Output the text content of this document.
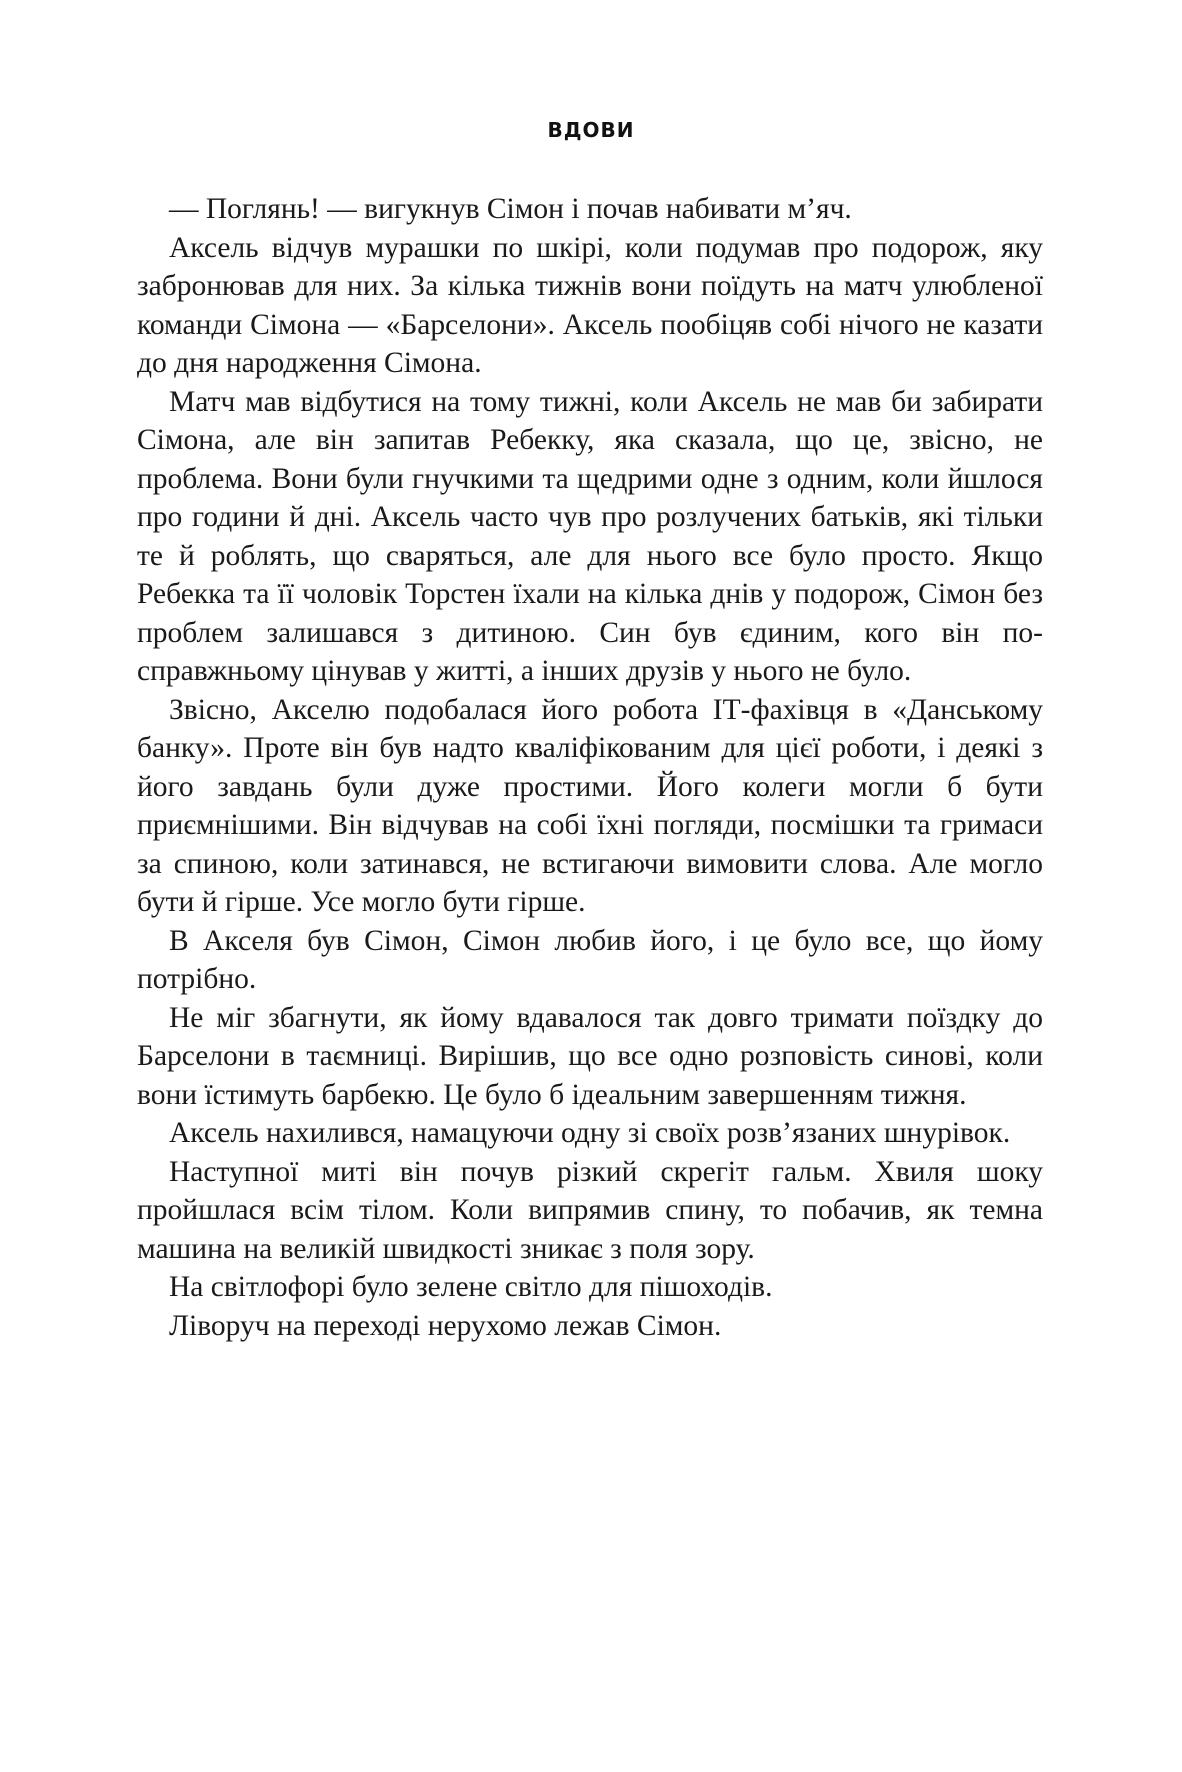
ВДОВИ

— Поглянь! — вигукнув Сімон і почав набивати м’яч.

Аксель відчув мурашки по шкірі, коли подумав про подорож, яку забронював для них. За кілька тижнів вони поїдуть на матч улюбленої команди Сімона — «Барселони». Аксель пообіцяв собі нічого не казати до дня народження Сімона.

Матч мав відбутися на тому тижні, коли Аксель не мав би забирати Сімона, але він запитав Ребекку, яка сказала, що це, звісно, не проблема. Вони були гнучкими та щедрими одне з одним, коли йшлося про години й дні. Аксель часто чув про розлучених батьків, які тільки те й роблять, що сваряться, але для нього все було просто. Якщо Ребекка та її чоловік Торстен їхали на кілька днів у подорож, Сімон без проблем залишався з дитиною. Син був єдиним, кого він по-справжньому цінував у житті, а інших друзів у нього не було.

Звісно, Акселю подобалася його робота ІТ-фахівця в «Данському банку». Проте він був надто кваліфікованим для цієї роботи, і деякі з його завдань були дуже простими. Його колеги могли б бути приємнішими. Він відчував на собі їхні погляди, посмішки та гримаси за спиною, коли затинався, не встигаючи вимовити слова. Але могло бути й гірше. Усе могло бути гірше.

В Акселя був Сімон, Сімон любив його, і це було все, що йому потрібно.

Не міг збагнути, як йому вдавалося так довго тримати поїздку до Барселони в таємниці. Вирішив, що все одно розповість синові, коли вони їстимуть барбекю. Це було б ідеальним завершенням тижня.

Аксель нахилився, намацуючи одну зі своїх розв’язаних шнурівок.

Наступної миті він почув різкий скрегіт гальм. Хвиля шоку пройшлася всім тілом. Коли випрямив спину, то побачив, як темна машина на великій швидкості зникає з поля зору.

На світлофорі було зелене світло для пішоходів.

Ліворуч на переході нерухомо лежав Сімон.
